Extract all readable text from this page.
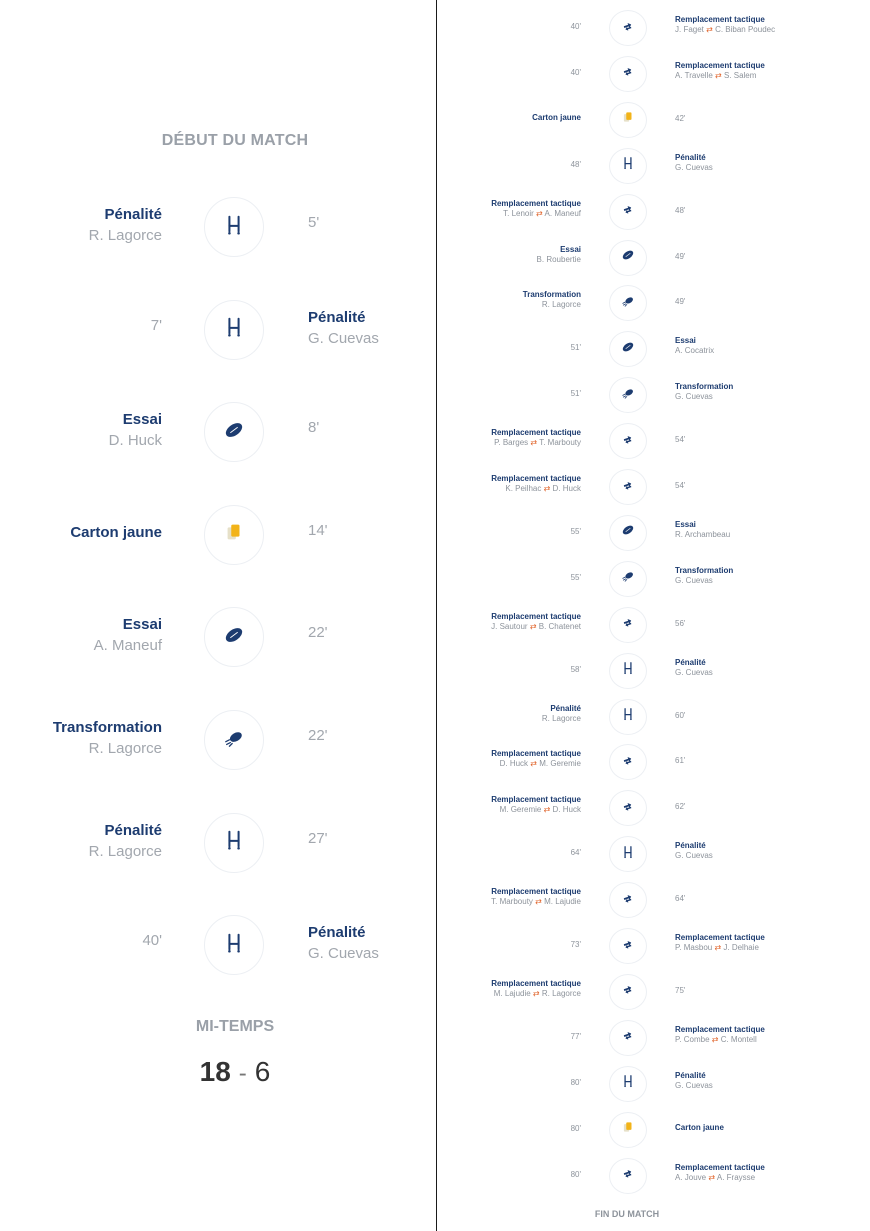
DÉBUT DU MATCH
Pénalité
R. Lagorce
5'
Pénalité
G. Cuevas
7'
Essai
D. Huck
8'
Carton jaune	14'
Essai
A. Maneuf
22'
Transformation
R. Lagorce
22'
Pénalité
R. Lagorce
27'
Pénalité
G. Cuevas
40'
MI-TEMPS
18 - 6
Remplacement tactique
J. Faget ⇄ C. Biban Poudec
40'
Remplacement tactique
A. Travelle ⇄ S. Salem
40'
Carton jaune	42'
Pénalité
G. Cuevas
48'
Remplacement tactique
T. Lenoir ⇄ A. Maneuf	48'
Essai
B. Roubertie	49'
Transformation
R. Lagorce	49'
Essai
A. Cocatrix
51'
Transformation
G. Cuevas
51'
Remplacement tactique
P. Barges ⇄ T. Marbouty	54'
Remplacement tactique
K. Peilhac ⇄ D. Huck	54'
Essai
R. Archambeau
55'
Transformation
G. Cuevas
55'
Remplacement tactique
J. Sautour ⇄ B. Chatenet	56'
Pénalité
G. Cuevas
58'
Pénalité
R. Lagorce	60'
Remplacement tactique
D. Huck ⇄ M. Geremie	61'
Remplacement tactique
M. Geremie ⇄ D. Huck	62'
Pénalité
G. Cuevas
64'
Remplacement tactique
T. Marbouty ⇄ M. Lajudie	64'
Remplacement tactique
P. Masbou ⇄ J. Delhaie
73'
Remplacement tactique
M. Lajudie ⇄ R. Lagorce	75'
Remplacement tactique
P. Combe ⇄ C. Montell
77'
Pénalité
G. Cuevas
80'
Carton jaune
80'
Remplacement tactique
A. Jouve ⇄ A. Fraysse
80'
FIN DU MATCH
